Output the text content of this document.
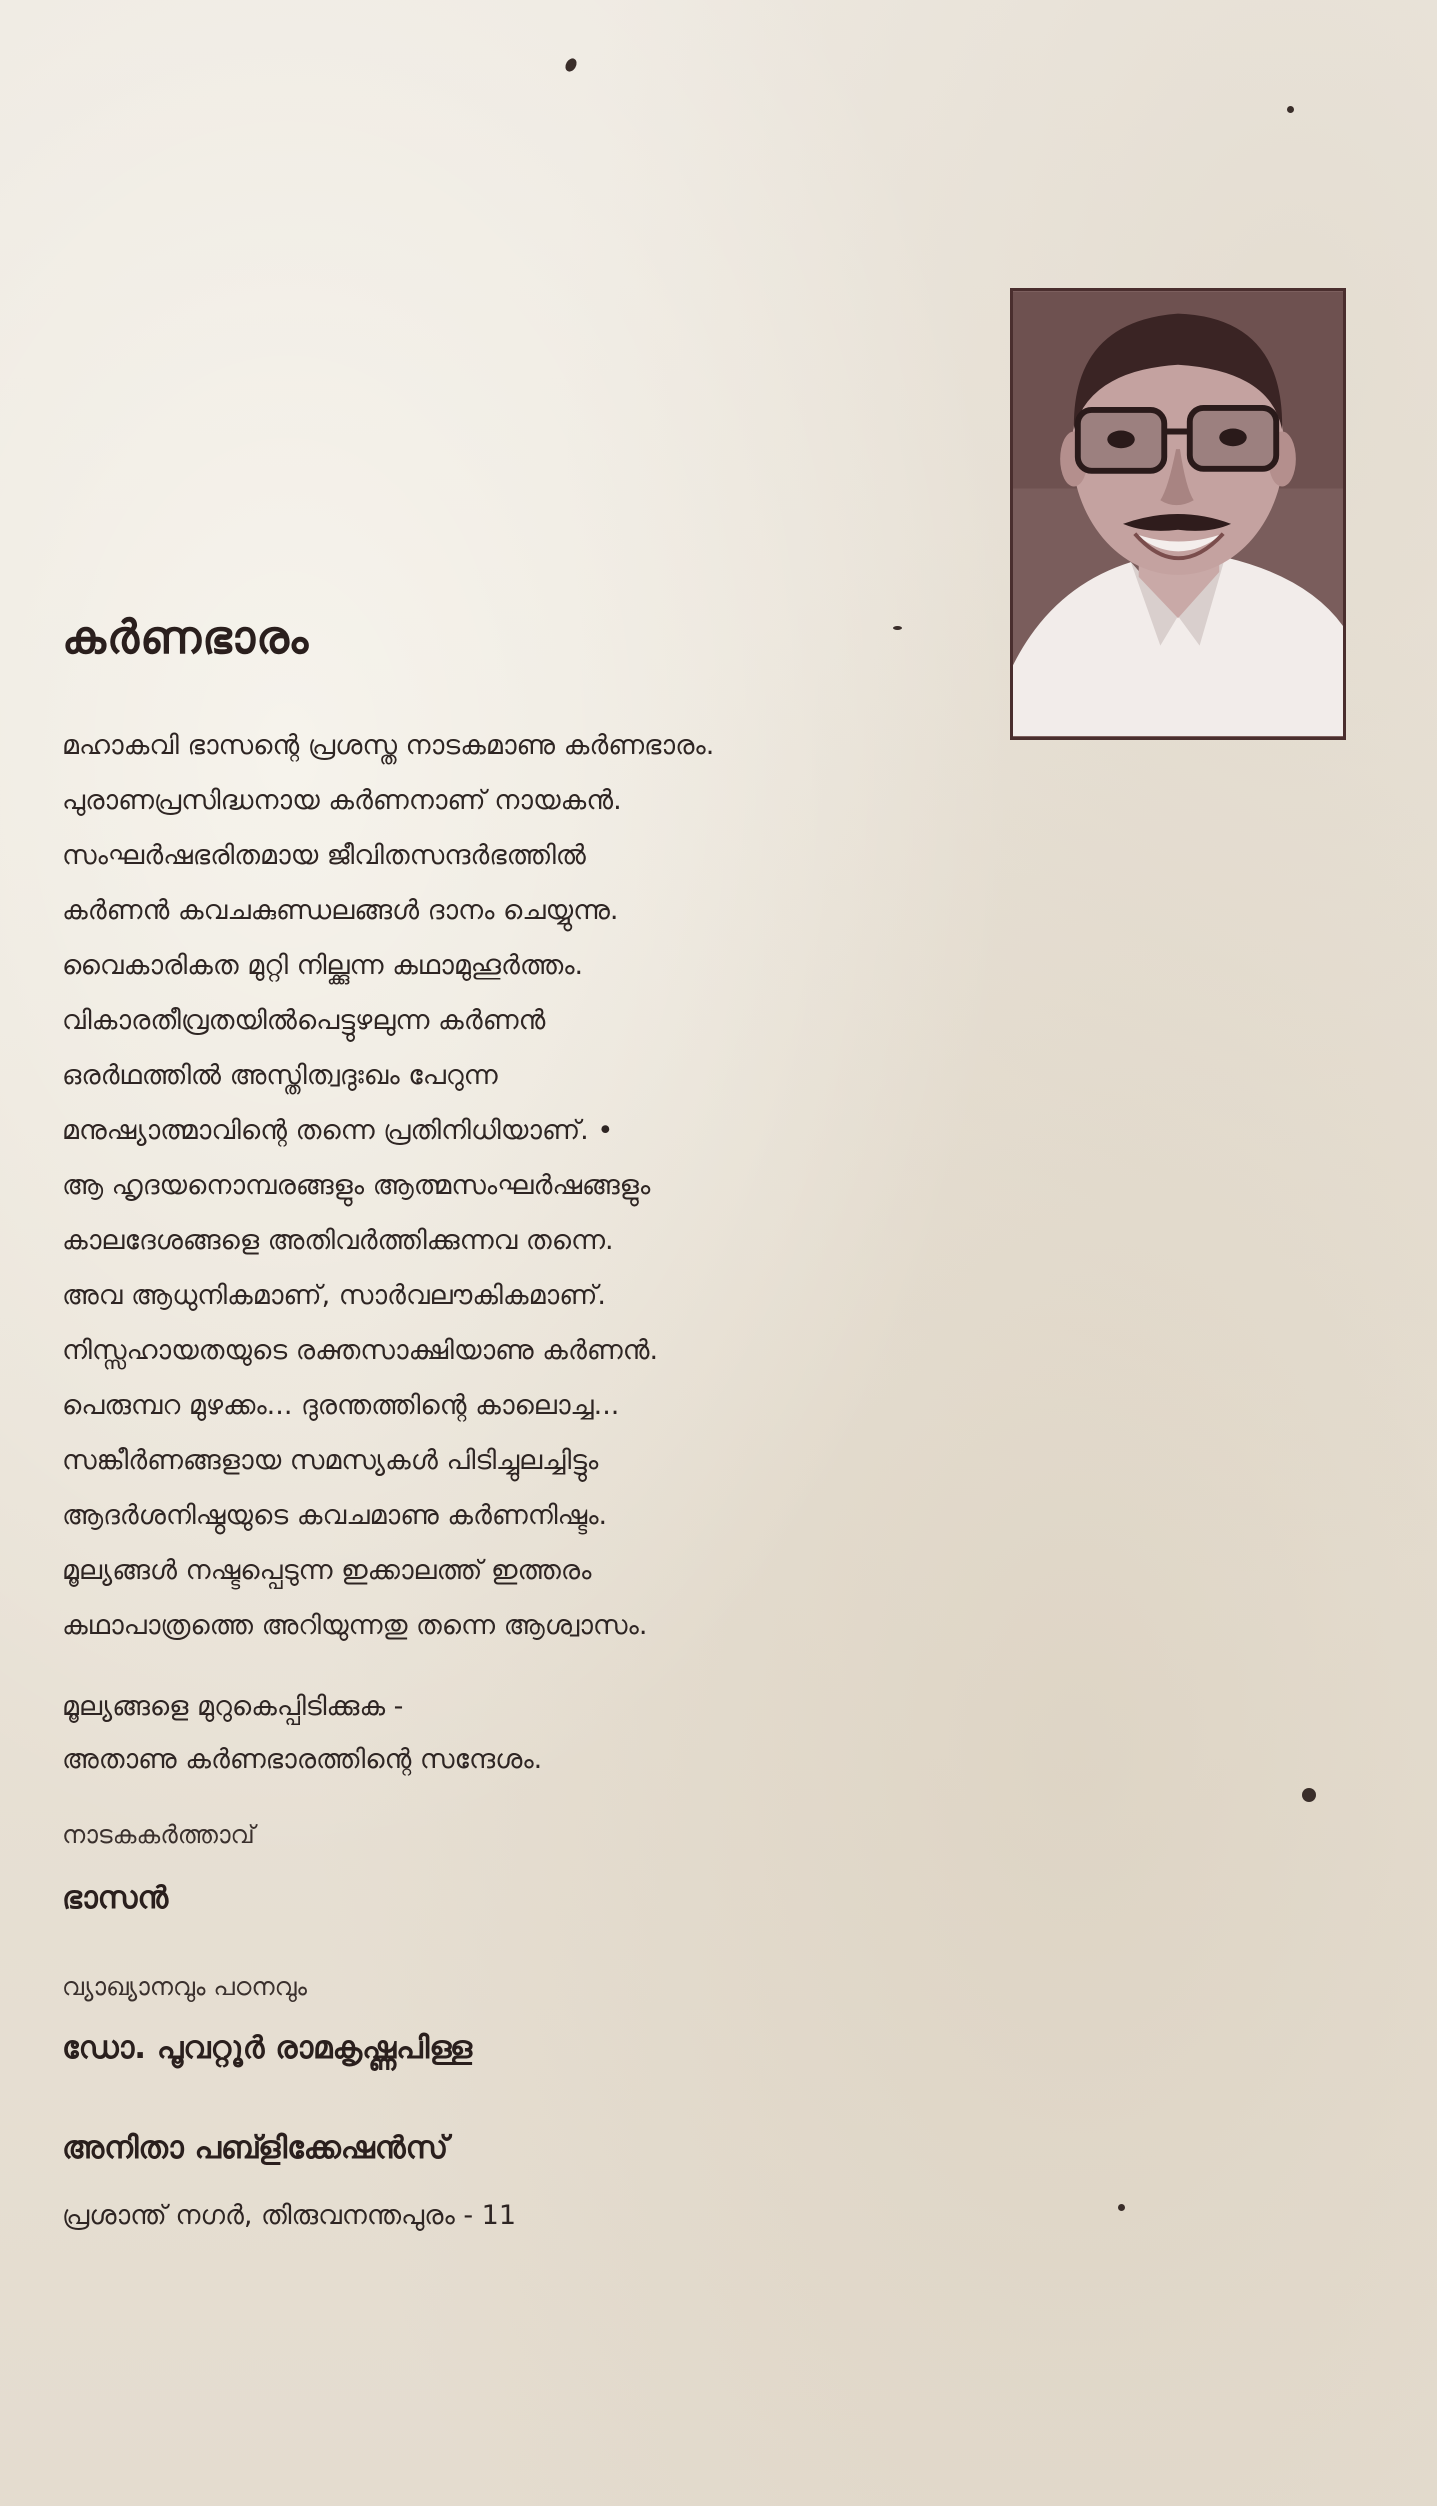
കർണഭാരം
മഹാകവി ഭാസന്റെ പ്രശസ്ത നാടകമാണു കർണഭാരം.
പുരാണപ്രസിദ്ധനായ കർണനാണ് നായകൻ.
സംഘർഷഭരിതമായ ജീവിതസന്ദർഭത്തിൽ
കർണൻ കവചകുണ്ഡലങ്ങൾ ദാനം ചെയ്യുന്നു.
വൈകാരികത മുറ്റി നില്ക്കുന്ന കഥാമുഹൂർത്തം.
വികാരതീവ്രതയിൽപെട്ടുഴലുന്ന കർണൻ
ഒരർഥത്തിൽ അസ്തിത്വദുഃഖം പേറുന്ന
മനുഷ്യാത്മാവിന്റെ തന്നെ പ്രതിനിധിയാണ്. •
ആ ഹൃദയനൊമ്പരങ്ങളും ആത്മസംഘർഷങ്ങളും
കാലദേശങ്ങളെ അതിവർത്തിക്കുന്നവ തന്നെ.
അവ ആധുനികമാണ്, സാർവലൗകികമാണ്.
നിസ്സഹായതയുടെ രക്തസാക്ഷിയാണു കർണൻ.
പെരുമ്പറ മുഴക്കം... ദുരന്തത്തിന്റെ കാലൊച്ച...
സങ്കീർണങ്ങളായ സമസ്യകൾ പിടിച്ചുലച്ചിട്ടും
ആദർശനിഷ്ഠയുടെ കവചമാണു കർണനിഷ്ടം.
മൂല്യങ്ങൾ നഷ്ടപ്പെടുന്ന ഇക്കാലത്ത് ഇത്തരം
കഥാപാത്രത്തെ അറിയുന്നതു തന്നെ ആശ്വാസം.
മൂല്യങ്ങളെ മുറുകെപ്പിടിക്കുക -
അതാണു കർണഭാരത്തിന്റെ സന്ദേശം.
നാടകകർത്താവ്
ഭാസൻ
വ്യാഖ്യാനവും പഠനവും
ഡോ. പൂവറ്റൂർ രാമകൃഷ്ണപിള്ള
അനിതാ പബ്ളിക്കേഷൻസ്
പ്രശാന്ത് നഗർ, തിരുവനന്തപുരം - 11
